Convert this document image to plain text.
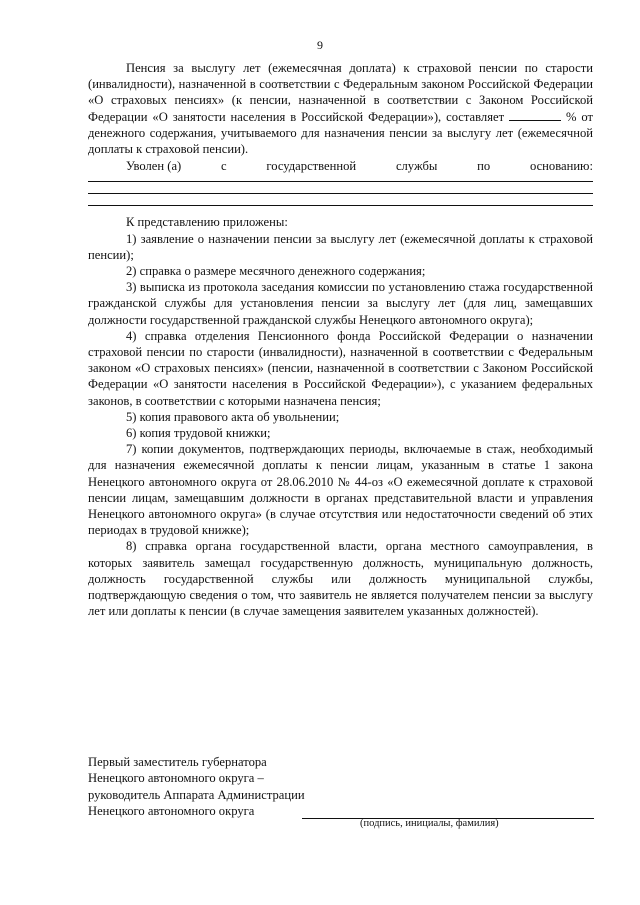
9

Пенсия за выслугу лет (ежемесячная доплата) к страховой пенсии по старости (инвалидности), назначенной в соответствии с Федеральным законом Российской Федерации «О страховых пенсиях» (к пенсии, назначенной в соответствии с Законом Российской Федерации «О занятости населения в Российской Федерации»), составляет	% от денежного содержания, учитываемого для назначения пенсии за выслугу лет (ежемесячной доплаты к страховой пенсии).

Уволен (а)	с	государственной	службы	по	основанию:

К представлению приложены:

1) заявление о назначении пенсии за выслугу лет (ежемесячной доплаты к страховой пенсии);

2) справка о размере месячного денежного содержания;

3) выписка из протокола заседания комиссии по установлению стажа государственной гражданской службы для установления пенсии за выслугу лет (для лиц, замещавших должности государственной гражданской службы Ненецкого автономного округа);

4) справка отделения Пенсионного фонда Российской Федерации о назначении страховой пенсии по старости (инвалидности), назначенной в соответствии с Федеральным законом «О страховых пенсиях» (пенсии, назначенной в соответствии с Законом Российской Федерации «О занятости населения в Российской Федерации»), с указанием федеральных законов, в соответствии с которыми назначена пенсия;

5) копия правового акта об увольнении;

6) копия трудовой книжки;

7) копии документов, подтверждающих периоды, включаемые в стаж, необходимый для назначения ежемесячной доплаты к пенсии лицам, указанным в статье 1 закона Ненецкого автономного округа от 28.06.2010 № 44-оз «О ежемесячной доплате к страховой пенсии лицам, замещавшим должности в органах представительной власти и управления Ненецкого автономного округа» (в случае отсутствия или недостаточности сведений об этих периодах в трудовой книжке);

8) справка органа государственной власти, органа местного самоуправления, в которых заявитель замещал государственную должность, муниципальную должность, должность государственной службы или должность муниципальной службы, подтверждающую сведения о том, что заявитель не является получателем пенсии за выслугу лет или доплаты к пенсии (в случае замещения заявителем указанных должностей).

Первый заместитель губернатора

Ненецкого автономного округа –

руководитель Аппарата Администрации

Ненецкого автономного округа

(подпись, инициалы, фамилия)
